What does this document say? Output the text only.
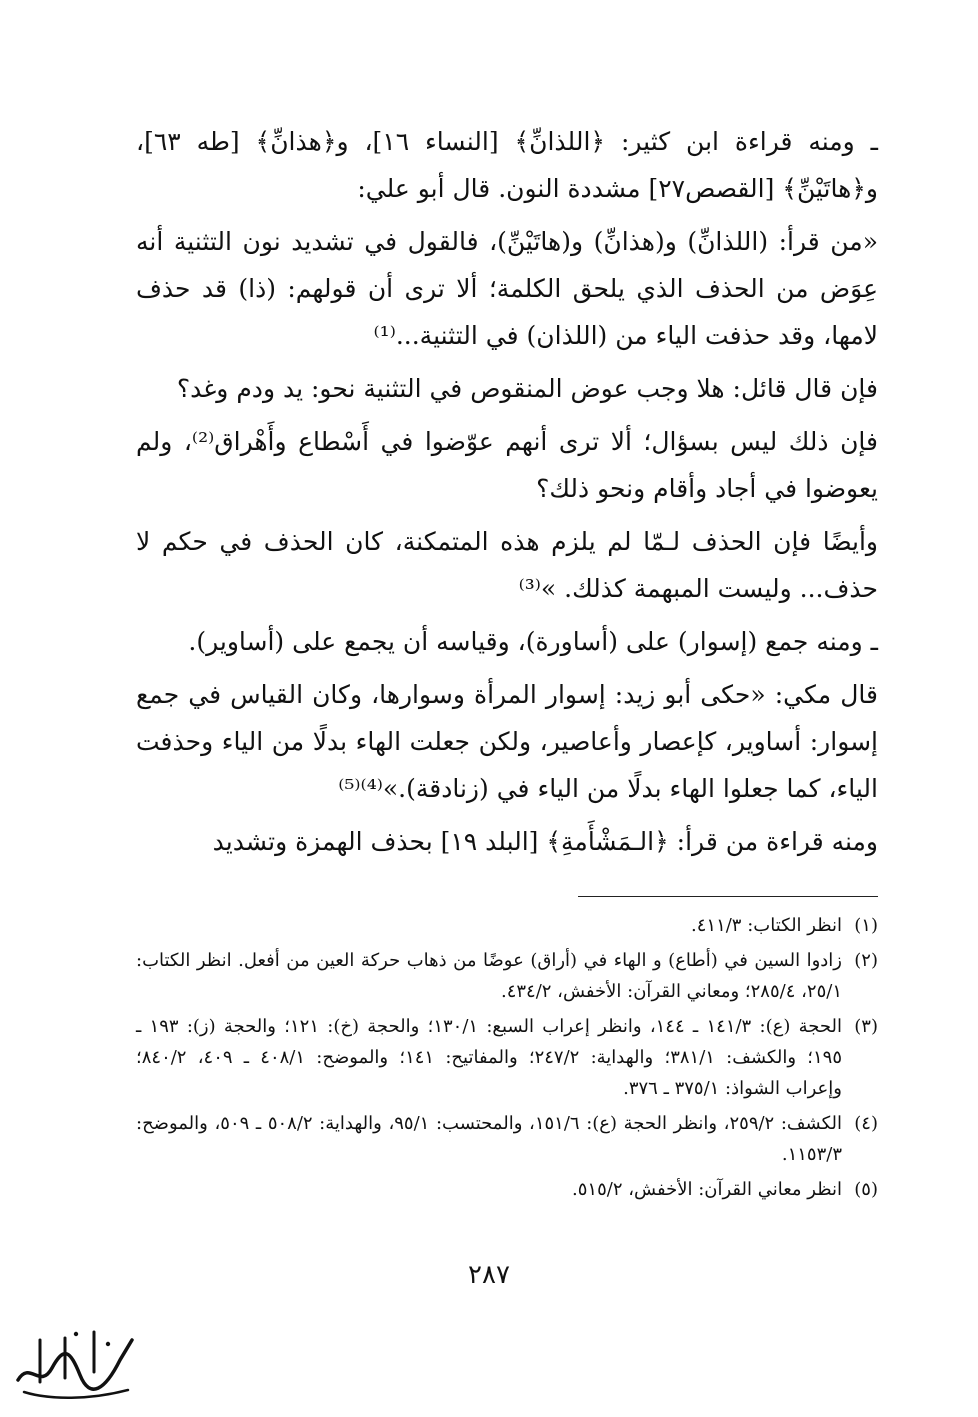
ـ ومنه قراءة ابن كثير: ﴿اللذانِّ﴾ [النساء ١٦]، و﴿هذانِّ﴾ [طه ٦٣]، و﴿هاتَيْنِّ﴾ [القصص٢٧] مشددة النون. قال أبو علي:

«من قرأ: (اللذانِّ) و(هذانِّ) و(هاتَيْنِّ)، فالقول في تشديد نون التثنية أنه عِوَض من الحذف الذي يلحق الكلمة؛ ألا ترى أن قولهم: (ذا) قد حذف لامها، وقد حذفت الياء من (اللذان) في التثنية...⁽¹⁾

فإن قال قائل: هلا وجب عوض المنقوص في التثنية نحو: يد ودم وغد؟

فإن ذلك ليس بسؤال؛ ألا ترى أنهم عوّضوا في أَسْطاع وأَهْراق⁽²⁾، ولم يعوضوا في أجاد وأقام ونحو ذلك؟

وأيضًا فإن الحذف لـمّا لم يلزم هذه المتمكنة، كان الحذف في حكم لا حذف... وليست المبهمة كذلك. »⁽³⁾

ـ ومنه جمع (إسوار) على (أساورة)، وقياسه أن يجمع على (أساوير).

قال مكي: «حكى أبو زيد: إسوار المرأة وسوارها، وكان القياس في جمع إسوار: أساوير، كإعصار وأعاصير، ولكن جعلت الهاء بدلًا من الياء وحذفت الياء، كما جعلوا الهاء بدلًا من الياء في (زنادقة).»⁽⁴⁾⁽⁵⁾

ومنه قراءة من قرأ: ﴿الـمَشْأَمةِ﴾ [البلد ١٩] بحذف الهمزة وتشديد

(١)
انظر الكتاب: ٤١١/٣.
(٢)
زادوا السين في (أطاع) و الهاء في (أراق) عوضًا من ذهاب حركة العين من أفعل. انظر الكتاب: ٢٥/١، ٢٨٥/٤؛ ومعاني القرآن: الأخفش، ٤٣٤/٢.
(٣)
الحجة (ع): ١٤١/٣ ـ ١٤٤، وانظر إعراب السبع: ١٣٠/١؛ والحجة (خ): ١٢١؛ والحجة (ز): ١٩٣ ـ ١٩٥؛ والكشف: ٣٨١/١؛ والهداية: ٢٤٧/٢؛ والمفاتيح: ١٤١؛ والموضح: ٤٠٨/١ ـ ٤٠٩، ٨٤٠/٢؛ وإعراب الشواذ: ٣٧٥/١ ـ ٣٧٦.
(٤)
الكشف: ٢٥٩/٢، وانظر الحجة (ع): ١٥١/٦، والمحتسب: ٩٥/١، والهداية: ٥٠٨/٢ ـ ٥٠٩، والموضح: ١١٥٣/٣.
(٥)
انظر معاني القرآن: الأخفش، ٥١٥/٢.
٢٨٧
